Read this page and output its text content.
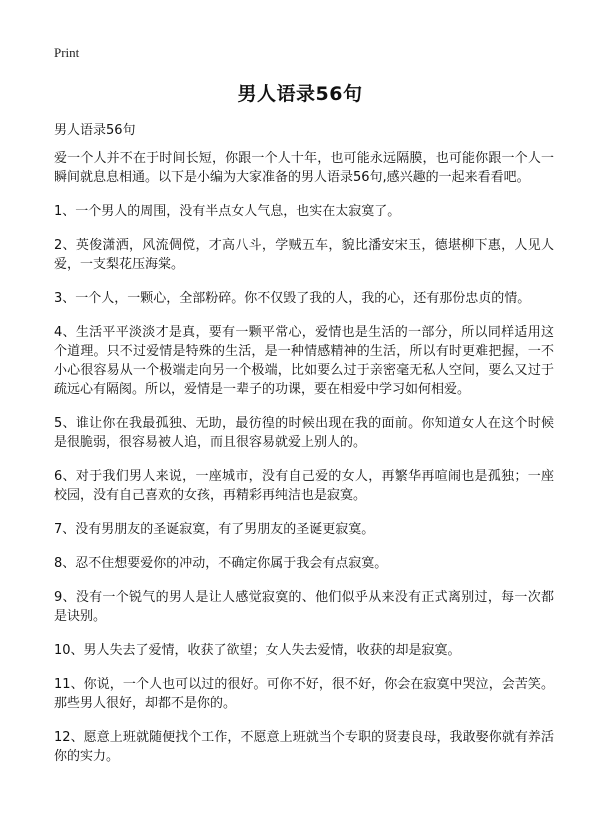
Print
男人语录56句
男人语录56句

爱一个人并不在于时间长短，你跟一个人十年，也可能永远隔膜，也可能你跟一个人一瞬间就息息相通。以下是小编为大家准备的男人语录56句,感兴趣的一起来看看吧。

1、一个男人的周围，没有半点女人气息，也实在太寂寞了。

2、英俊潇洒，风流倜傥，才高八斗，学贼五车，貌比潘安宋玉，德堪柳下惠，人见人爱，一支梨花压海棠。

3、一个人，一颗心，全部粉碎。你不仅毁了我的人，我的心，还有那份忠贞的情。

4、生活平平淡淡才是真，要有一颗平常心，爱情也是生活的一部分，所以同样适用这个道理。只不过爱情是特殊的生活，是一种情感精神的生活，所以有时更难把握，一不小心很容易从一个极端走向另一个极端，比如要么过于亲密毫无私人空间，要么又过于疏远心有隔阂。所以，爱情是一辈子的功课，要在相爱中学习如何相爱。

5、谁让你在我最孤独、无助，最彷徨的时候出现在我的面前。你知道女人在这个时候是很脆弱，很容易被人追，而且很容易就爱上别人的。

6、对于我们男人来说，一座城市，没有自己爱的女人，再繁华再喧闹也是孤独；一座校园，没有自己喜欢的女孩，再精彩再纯洁也是寂寞。

7、没有男朋友的圣诞寂寞，有了男朋友的圣诞更寂寞。

8、忍不住想要爱你的冲动，不确定你属于我会有点寂寞。

9、没有一个锐气的男人是让人感觉寂寞的、他们似乎从来没有正式离别过，每一次都是诀别。

10、男人失去了爱情，收获了欲望；女人失去爱情，收获的却是寂寞。

11、你说，一个人也可以过的很好。可你不好，很不好，你会在寂寞中哭泣，会苦笑。那些男人很好，却都不是你的。

12、愿意上班就随便找个工作，不愿意上班就当个专职的贤妻良母，我敢娶你就有养活你的实力。
